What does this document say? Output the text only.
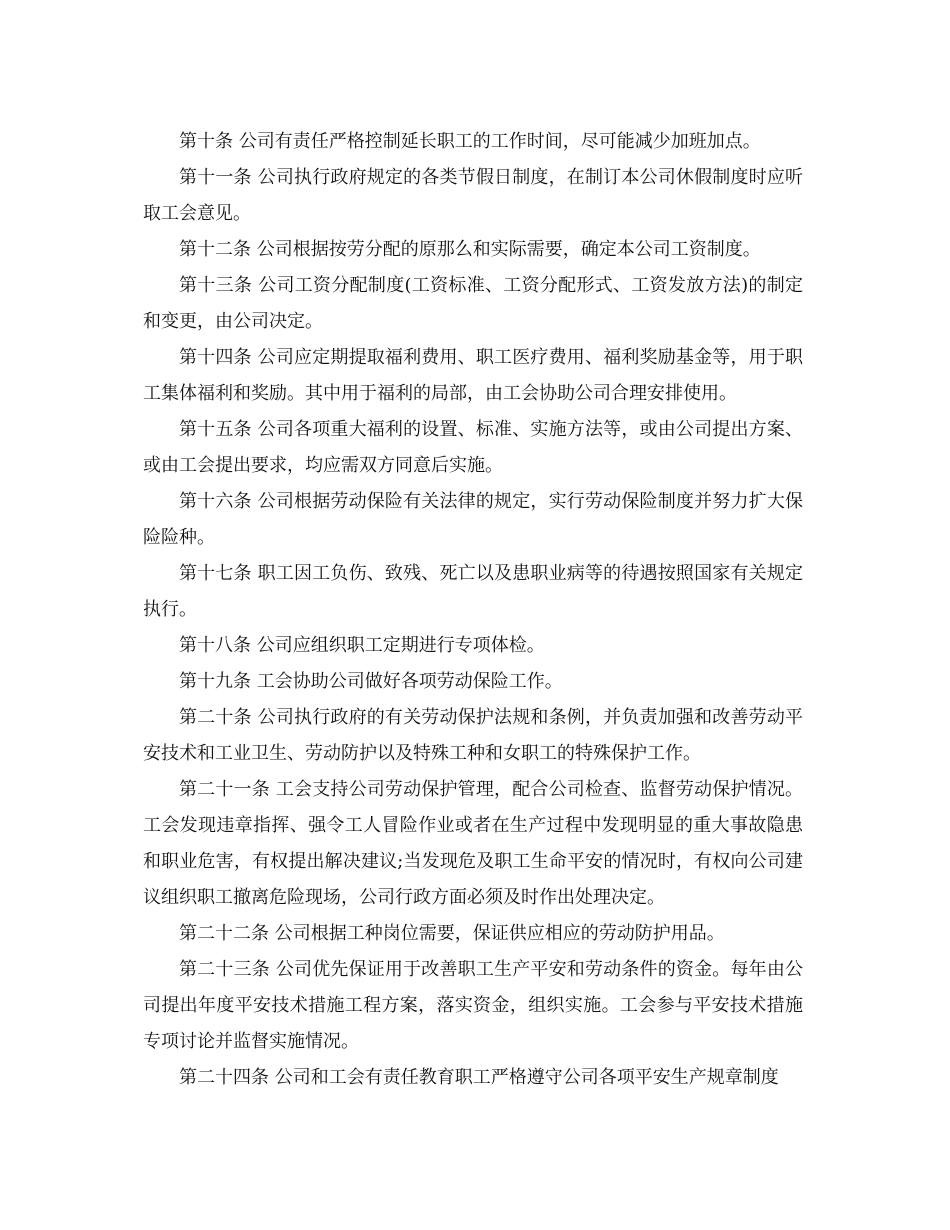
第十条 公司有责任严格控制延长职工的工作时间，尽可能减少加班加点。

第十一条 公司执行政府规定的各类节假日制度，在制订本公司休假制度时应听取工会意见。

第十二条 公司根据按劳分配的原那么和实际需要，确定本公司工资制度。

第十三条 公司工资分配制度(工资标准、工资分配形式、工资发放方法)的制定和变更，由公司决定。

第十四条 公司应定期提取福利费用、职工医疗费用、福利奖励基金等，用于职工集体福利和奖励。其中用于福利的局部，由工会协助公司合理安排使用。

第十五条 公司各项重大福利的设置、标准、实施方法等，或由公司提出方案、或由工会提出要求，均应需双方同意后实施。

第十六条 公司根据劳动保险有关法律的规定，实行劳动保险制度并努力扩大保险险种。

第十七条 职工因工负伤、致残、死亡以及患职业病等的待遇按照国家有关规定执行。

第十八条 公司应组织职工定期进行专项体检。

第十九条 工会协助公司做好各项劳动保险工作。

第二十条 公司执行政府的有关劳动保护法规和条例，并负责加强和改善劳动平安技术和工业卫生、劳动防护以及特殊工种和女职工的特殊保护工作。

第二十一条 工会支持公司劳动保护管理，配合公司检查、监督劳动保护情况。工会发现违章指挥、强令工人冒险作业或者在生产过程中发现明显的重大事故隐患和职业危害，有权提出解决建议;当发现危及职工生命平安的情况时，有权向公司建议组织职工撤离危险现场，公司行政方面必须及时作出处理决定。

第二十二条 公司根据工种岗位需要，保证供应相应的劳动防护用品。

第二十三条 公司优先保证用于改善职工生产平安和劳动条件的资金。每年由公司提出年度平安技术措施工程方案，落实资金，组织实施。工会参与平安技术措施专项讨论并监督实施情况。

第二十四条 公司和工会有责任教育职工严格遵守公司各项平安生产规章制度
